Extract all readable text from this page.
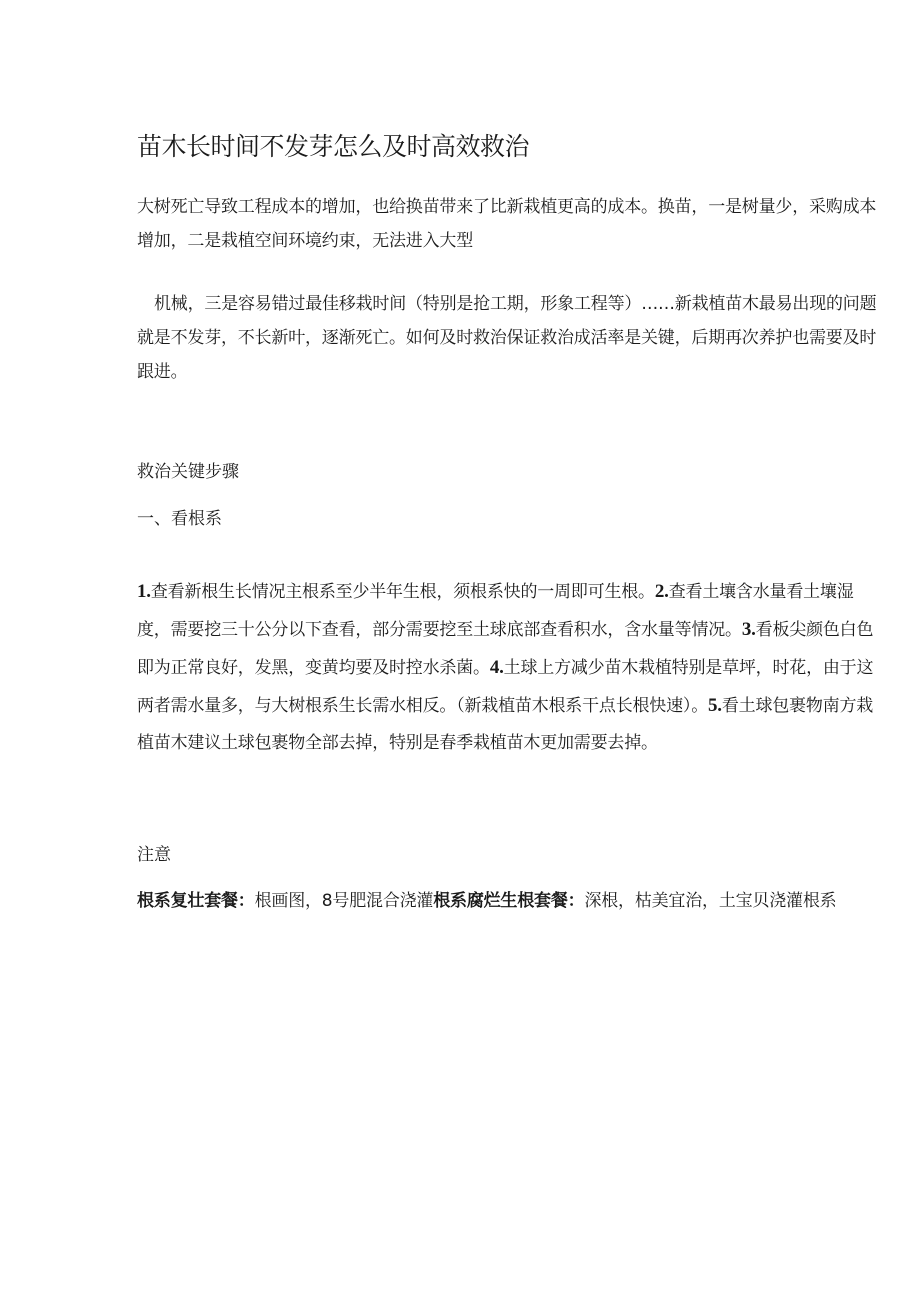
苗木长时间不发芽怎么及时高效救治

大树死亡导致工程成本的增加，也给换苗带来了比新栽植更高的成本。换苗，一是树量少，采购成本增加，二是栽植空间环境约束，无法进入大型

机械，三是容易错过最佳移栽时间（特别是抢工期，形象工程等）……新栽植苗木最易出现的问题就是不发芽，不长新叶，逐渐死亡。如何及时救治保证救治成活率是关键，后期再次养护也需要及时跟进。

救治关键步骤

一、看根系

1.查看新根生长情况主根系至少半年生根，须根系快的一周即可生根。2.查看土壤含水量看土壤湿度，需要挖三十公分以下查看，部分需要挖至土球底部查看积水，含水量等情况。3.看板尖颜色白色即为正常良好，发黑，变黄均要及时控水杀菌。4.土球上方减少苗木栽植特别是草坪，时花，由于这两者需水量多，与大树根系生长需水相反。（新栽植苗木根系干点长根快速）。5.看土球包裹物南方栽植苗木建议土球包裹物全部去掉，特别是春季栽植苗木更加需要去掉。

注意

根系复壮套餐：根画图，8号肥混合浇灌根系腐烂生根套餐：深根，枯美宜治，土宝贝浇灌根系
